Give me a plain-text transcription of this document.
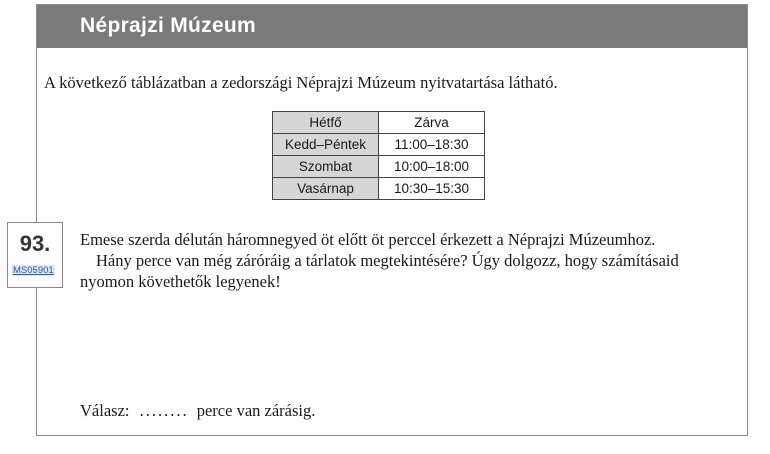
Néprajzi Múzeum
A következő táblázatban a zedországi Néprajzi Múzeum nyitvatartása látható.
Hétfő	Zárva
Kedd–Péntek	11:00–18:30
Szombat	10:00–18:00
Vasárnap	10:30–15:30
93.
MS05901
Emese szerda délután háromnegyed öt előtt öt perccel érkezett a Néprajzi Múzeumhoz.
Hány perce van még záróráig a tárlatok megtekintésére? Úgy dolgozz, hogy számításaid
nyomon követhetők legyenek!
Válasz: ........ perce van zárásig.
